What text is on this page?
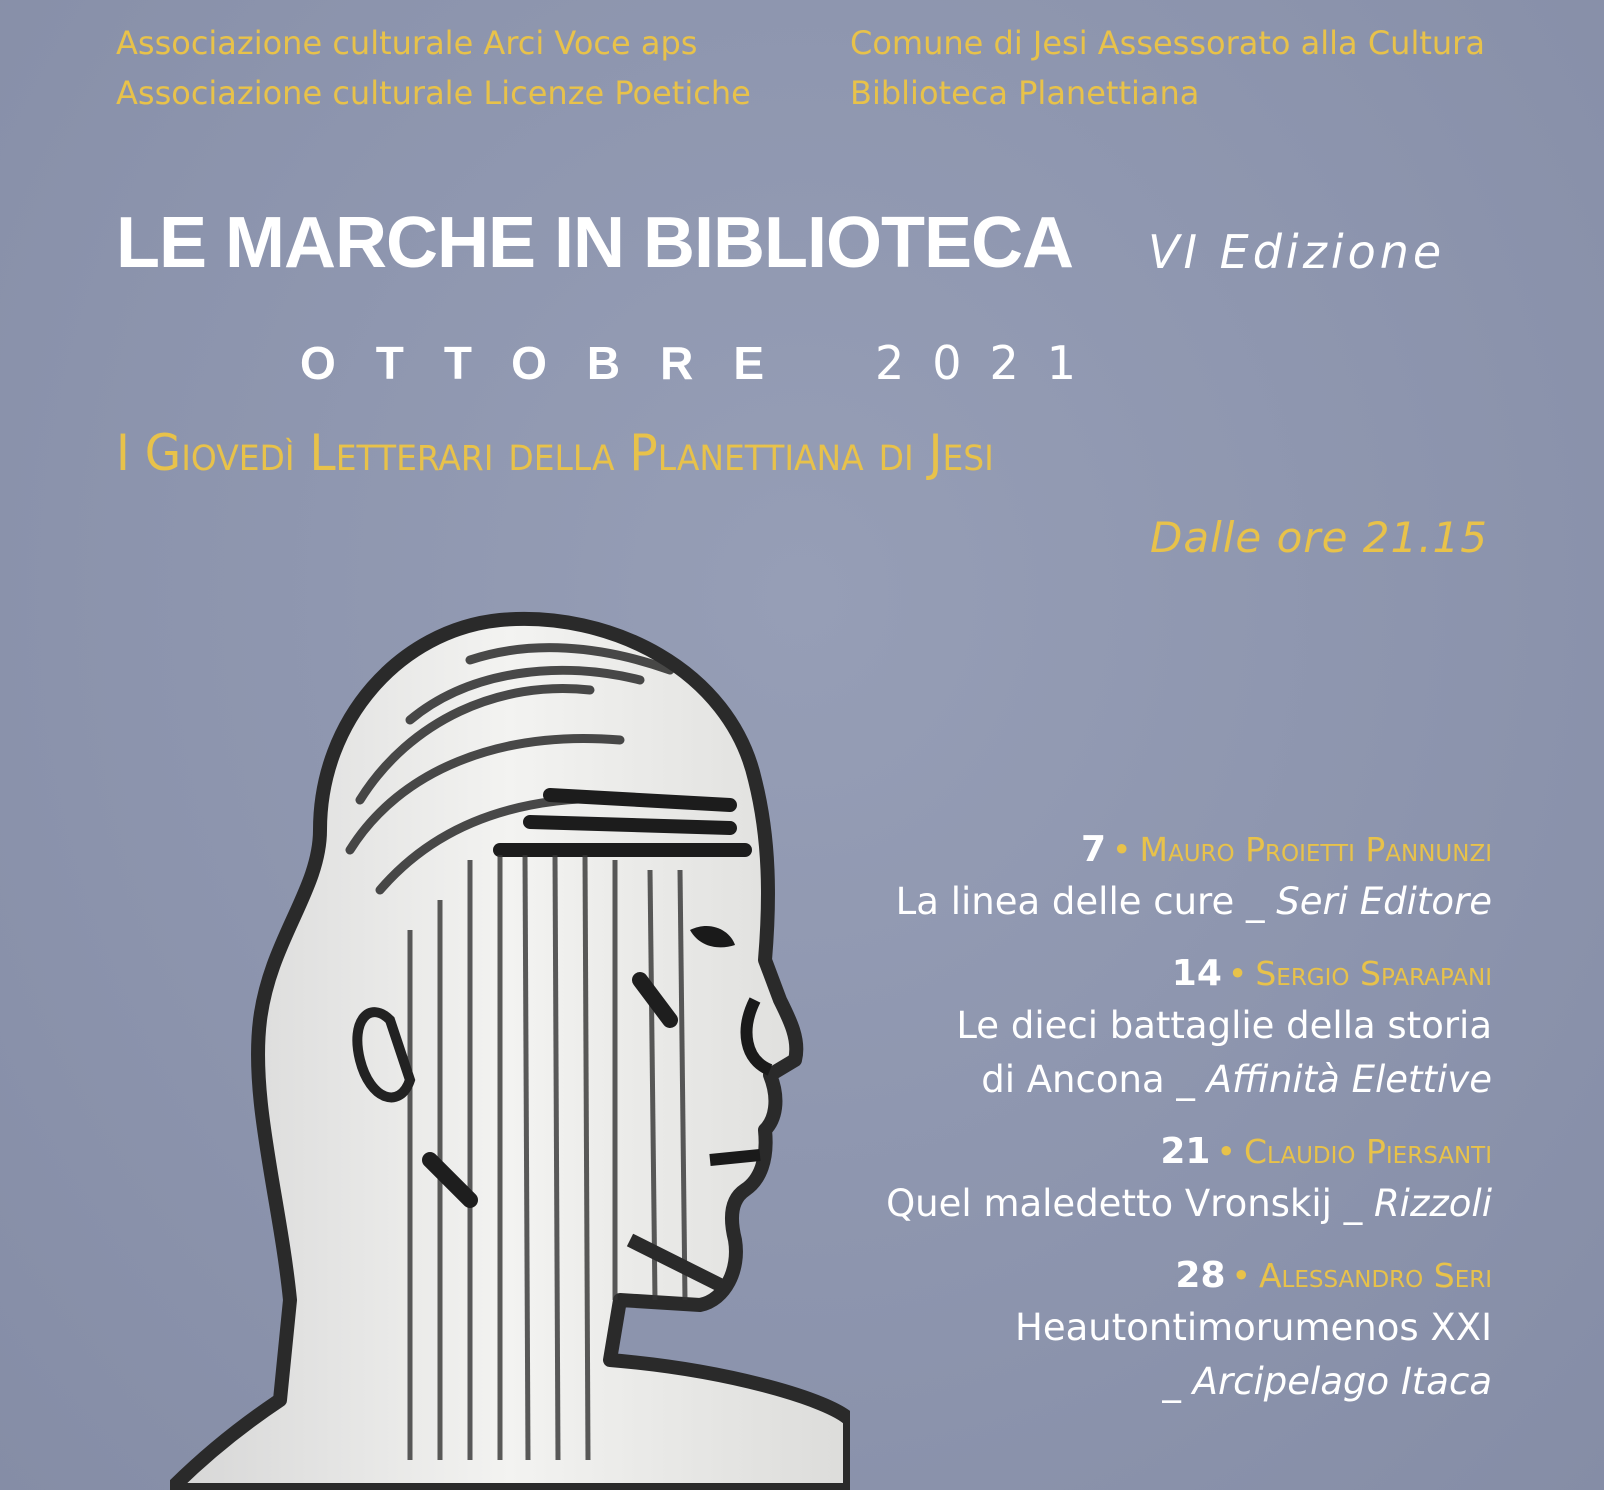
Associazione culturale Arci Voce aps
Associazione culturale Licenze Poetiche
Comune di Jesi Assessorato alla Cultura
Biblioteca Planettiana
LE MARCHE IN BIBLIOTECA VI Edizione
OTTOBRE 2021
I Giovedì Letterari della Planettiana di Jesi
Dalle ore 21.15
7 • Mauro Proietti Pannunzi
La linea delle cure _ Seri Editore
14 • Sergio Sparapani
Le dieci battaglie della storia
di Ancona _ Affinità Elettive
21 • Claudio Piersanti
Quel maledetto Vronskij _ Rizzoli
28 • Alessandro Seri
Heautontimorumenos XXI
_ Arcipelago Itaca
